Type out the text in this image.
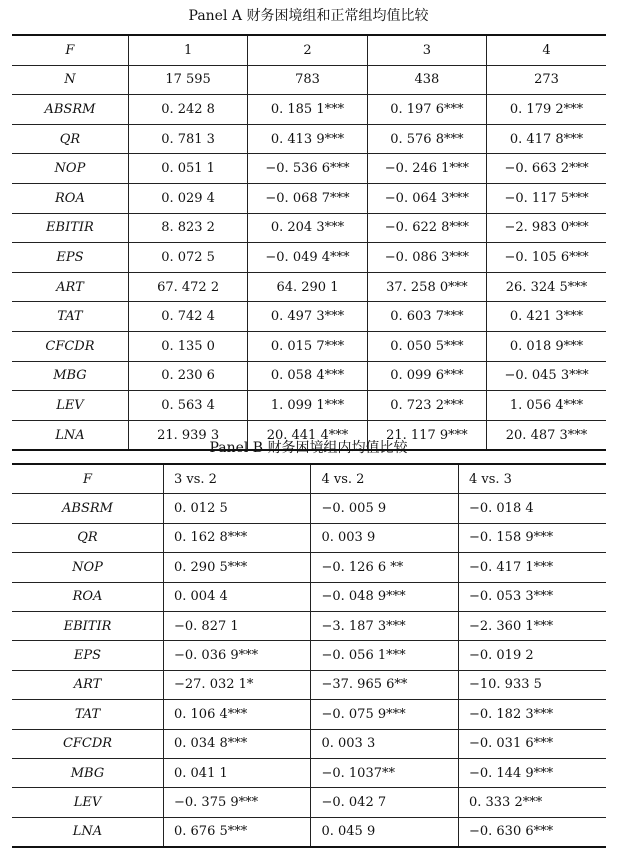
Panel A 财务困境组和正常组均值比较
F	1	2	3	4
N	17 595	783	438	273
ABSRM	0. 242 8	0. 185 1***	0. 197 6***	0. 179 2***
QR	0. 781 3	0. 413 9***	0. 576 8***	0. 417 8***
NOP	0. 051 1	−0. 536 6***	−0. 246 1***	−0. 663 2***
ROA	0. 029 4	−0. 068 7***	−0. 064 3***	−0. 117 5***
EBITIR	8. 823 2	0. 204 3***	−0. 622 8***	−2. 983 0***
EPS	0. 072 5	−0. 049 4***	−0. 086 3***	−0. 105 6***
ART	67. 472 2	64. 290 1	37. 258 0***	26. 324 5***
TAT	0. 742 4	0. 497 3***	0. 603 7***	0. 421 3***
CFCDR	0. 135 0	0. 015 7***	0. 050 5***	0. 018 9***
MBG	0. 230 6	0. 058 4***	0. 099 6***	−0. 045 3***
LEV	0. 563 4	1. 099 1***	0. 723 2***	1. 056 4***
LNA	21. 939 3	20. 441 4***	21. 117 9***	20. 487 3***
Panel B 财务困境组内均值比较
F	3 vs. 2	4 vs. 2	4 vs. 3
ABSRM	0. 012 5	−0. 005 9	−0. 018 4
QR	0. 162 8***	0. 003 9	−0. 158 9***
NOP	0. 290 5***	−0. 126 6 **	−0. 417 1***
ROA	0. 004 4	−0. 048 9***	−0. 053 3***
EBITIR	−0. 827 1	−3. 187 3***	−2. 360 1***
EPS	−0. 036 9***	−0. 056 1***	−0. 019 2
ART	−27. 032 1*	−37. 965 6**	−10. 933 5
TAT	0. 106 4***	−0. 075 9***	−0. 182 3***
CFCDR	0. 034 8***	0. 003 3	−0. 031 6***
MBG	0. 041 1	−0. 1037**	−0. 144 9***
LEV	−0. 375 9***	−0. 042 7	0. 333 2***
LNA	0. 676 5***	0. 045 9	−0. 630 6***
